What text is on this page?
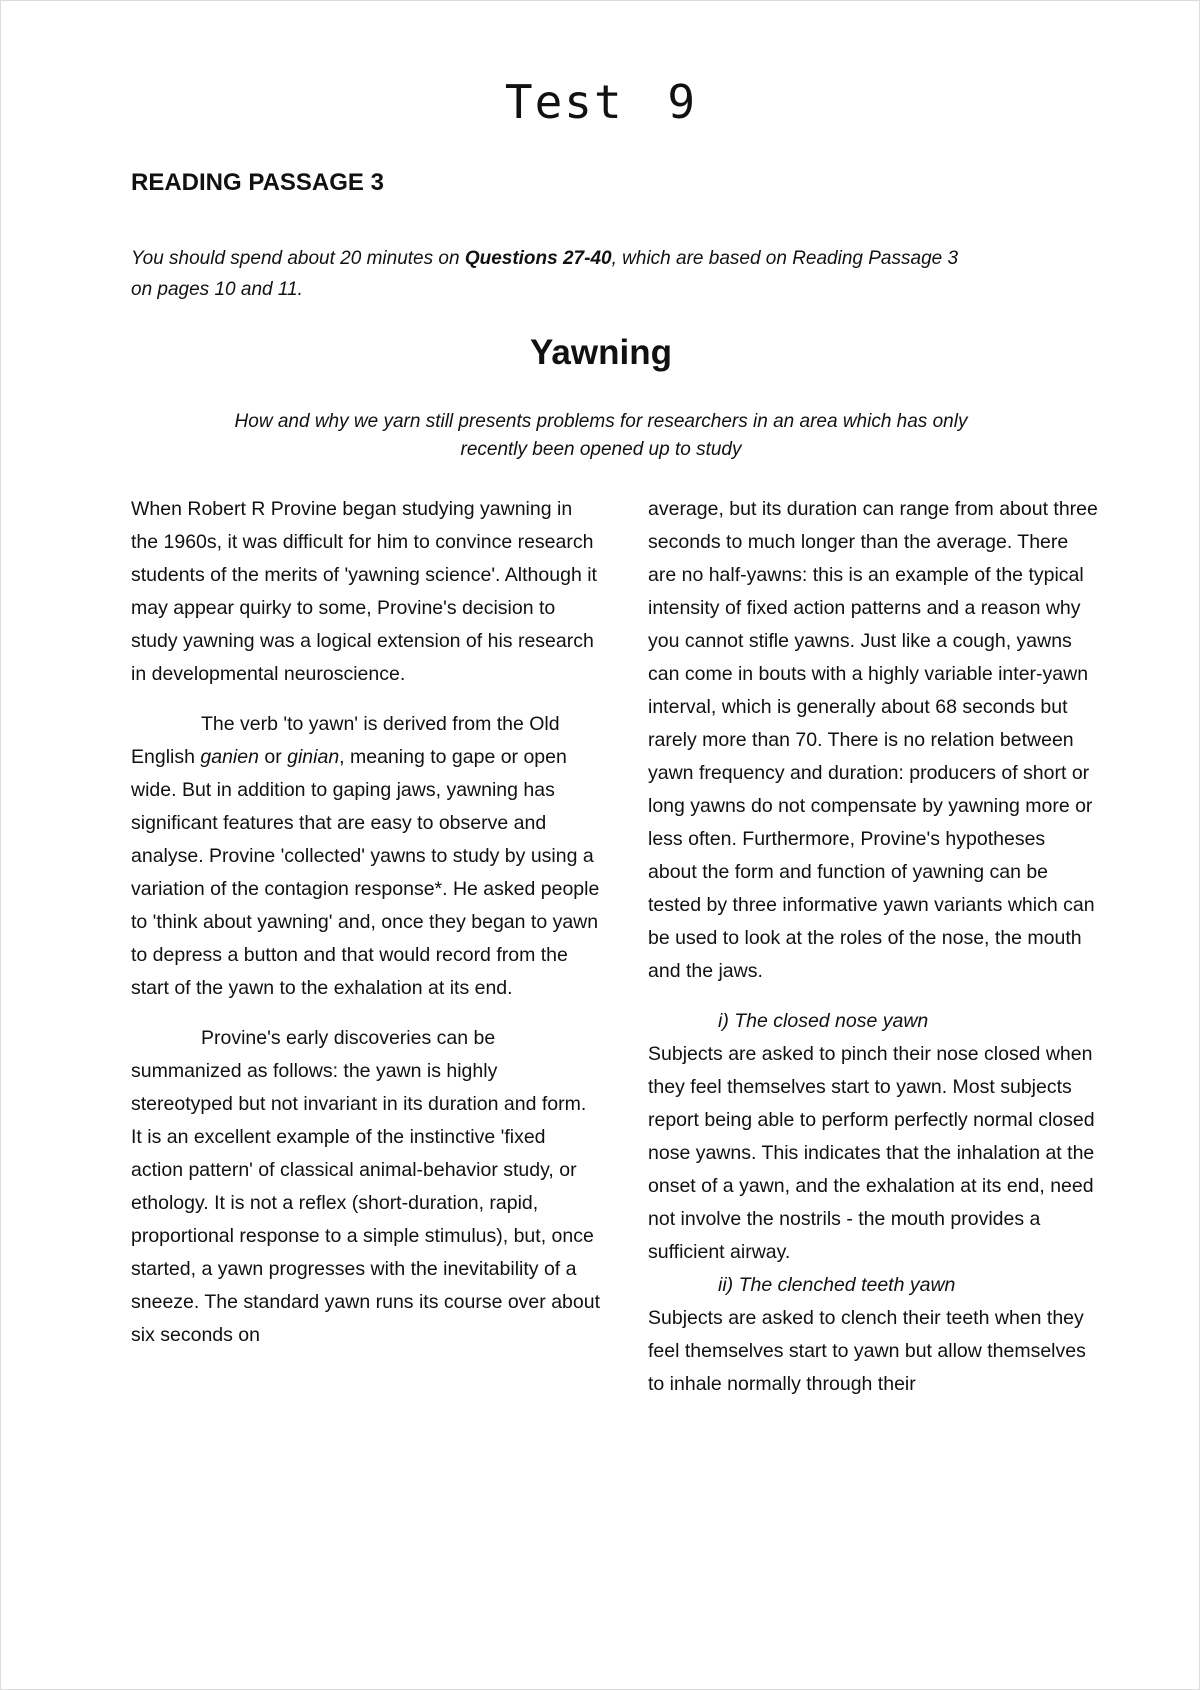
Test 9
READING PASSAGE 3
You should spend about 20 minutes on Questions 27-40, which are based on Reading Passage 3 on pages 10 and 11.
Yawning
How and why we yarn still presents problems for researchers in an area which has only recently been opened up to study

When Robert R Provine began studying yawning in the 1960s, it was difficult for him to convince research students of the merits of 'yawning science'. Although it may appear quirky to some, Provine's decision to study yawning was a logical extension of his research in developmental neuroscience.

The verb 'to yawn' is derived from the Old English ganien or ginian, meaning to gape or open wide. But in addition to gaping jaws, yawning has significant features that are easy to observe and analyse. Provine 'collected' yawns to study by using a variation of the contagion response*. He asked people to 'think about yawning' and, once they began to yawn to depress a button and that would record from the start of the yawn to the exhalation at its end.

Provine's early discoveries can be summanized as follows: the yawn is highly stereotyped but not invariant in its duration and form. It is an excellent example of the instinctive 'fixed action pattern' of classical animal-behavior study, or ethology. It is not a reflex (short-duration, rapid, proportional response to a simple stimulus), but, once started, a yawn progresses with the inevitability of a sneeze. The standard yawn runs its course over about six seconds on

average, but its duration can range from about three seconds to much longer than the average. There are no half-yawns: this is an example of the typical intensity of fixed action patterns and a reason why you cannot stifle yawns. Just like a cough, yawns can come in bouts with a highly variable inter-yawn interval, which is generally about 68 seconds but rarely more than 70. There is no relation between yawn frequency and duration: producers of short or long yawns do not compensate by yawning more or less often. Furthermore, Provine's hypotheses about the form and function of yawning can be tested by three informative yawn variants which can be used to look at the roles of the nose, the mouth and the jaws.

i) The closed nose yawn

Subjects are asked to pinch their nose closed when they feel themselves start to yawn. Most subjects report being able to perform perfectly normal closed nose yawns. This indicates that the inhalation at the onset of a yawn, and the exhalation at its end, need not involve the nostrils - the mouth provides a sufficient airway.

ii) The clenched teeth yawn

Subjects are asked to clench their teeth when they feel themselves start to yawn but allow themselves to inhale normally through their
